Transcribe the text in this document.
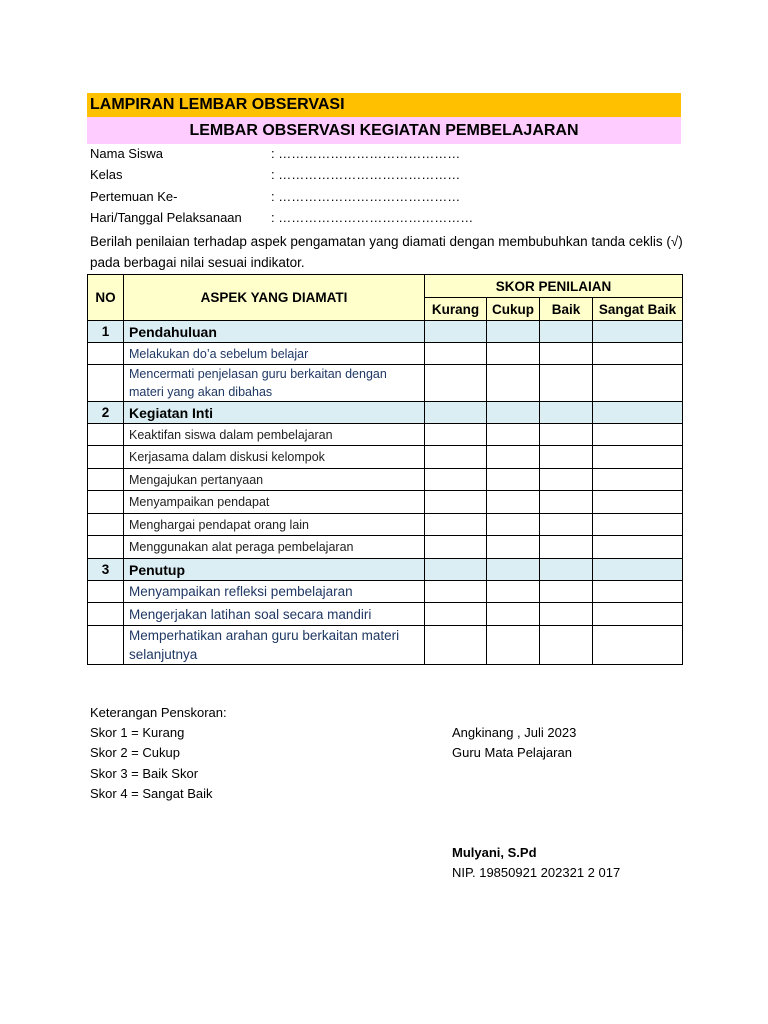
LAMPIRAN LEMBAR OBSERVASI
LEMBAR OBSERVASI KEGIATAN PEMBELAJARAN
Nama Siswa	: ……………………………………
Kelas	: ……………………………………
Pertemuan Ke-	: ……………………………………
Hari/Tanggal Pelaksanaan : ………………………………………
Berilah penilaian terhadap aspek pengamatan yang diamati dengan membubuhkan tanda ceklis (√) pada berbagai nilai sesuai indikator.
NO	ASPEK YANG DIAMATI	SKOR PENILAIAN			
		Kurang	Cukup	Baik	Sangat Baik
1	Pendahuluan				
	Melakukan do’a sebelum belajar				
	Mencermati penjelasan guru berkaitan dengan materi yang akan dibahas				
2	Kegiatan Inti				
	Keaktifan siswa dalam pembelajaran				
	Kerjasama dalam diskusi kelompok				
	Mengajukan pertanyaan				
	Menyampaikan pendapat				
	Menghargai pendapat orang lain				
	Menggunakan alat peraga pembelajaran				
3	Penutup				
	Menyampaikan refleksi pembelajaran				
	Mengerjakan latihan soal secara mandiri				
	Memperhatikan arahan guru berkaitan materi selanjutnya				
Keterangan Penskoran:
Skor 1 = Kurang
Skor 2 = Cukup
Skor 3 = Baik Skor
Skor 4 = Sangat Baik
Angkinang , Juli 2023
Guru Mata Pelajaran
Mulyani, S.Pd
NIP. 19850921 202321 2 017
